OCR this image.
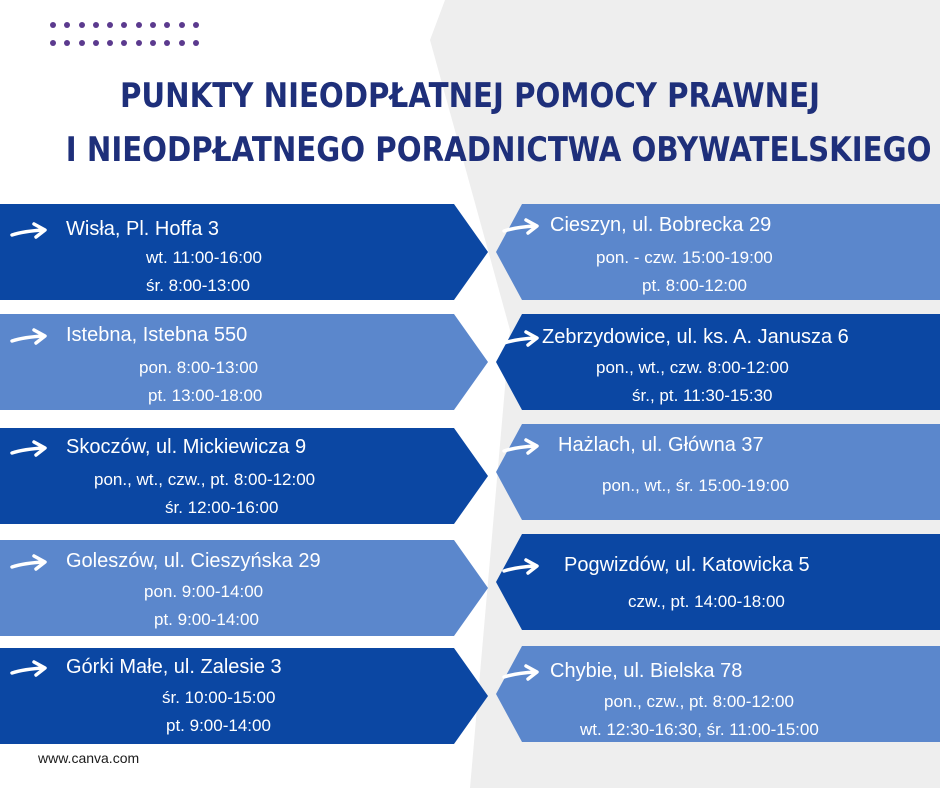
PUNKTY NIEODPŁATNEJ POMOCY PRAWNEJ
I NIEODPŁATNEGO PORADNICTWA OBYWATELSKIEGO
Wisła, Pl. Hoffa 3
wt. 11:00-16:00
śr. 8:00-13:00
Istebna, Istebna 550
pon. 8:00-13:00
pt. 13:00-18:00
Skoczów, ul. Mickiewicza 9
pon., wt., czw., pt. 8:00-12:00
śr. 12:00-16:00
Goleszów, ul. Cieszyńska 29
pon. 9:00-14:00
pt. 9:00-14:00
Górki Małe, ul. Zalesie 3
śr. 10:00-15:00
pt. 9:00-14:00
Cieszyn, ul. Bobrecka 29
pon. - czw. 15:00-19:00
pt. 8:00-12:00
Zebrzydowice, ul. ks. A. Janusza 6
pon., wt., czw. 8:00-12:00
śr., pt. 11:30-15:30
Hażlach, ul. Główna 37
pon., wt., śr. 15:00-19:00
Pogwizdów, ul. Katowicka 5
czw., pt. 14:00-18:00
Chybie, ul. Bielska 78
pon., czw., pt. 8:00-12:00
wt. 12:30-16:30, śr. 11:00-15:00
www.canva.com
